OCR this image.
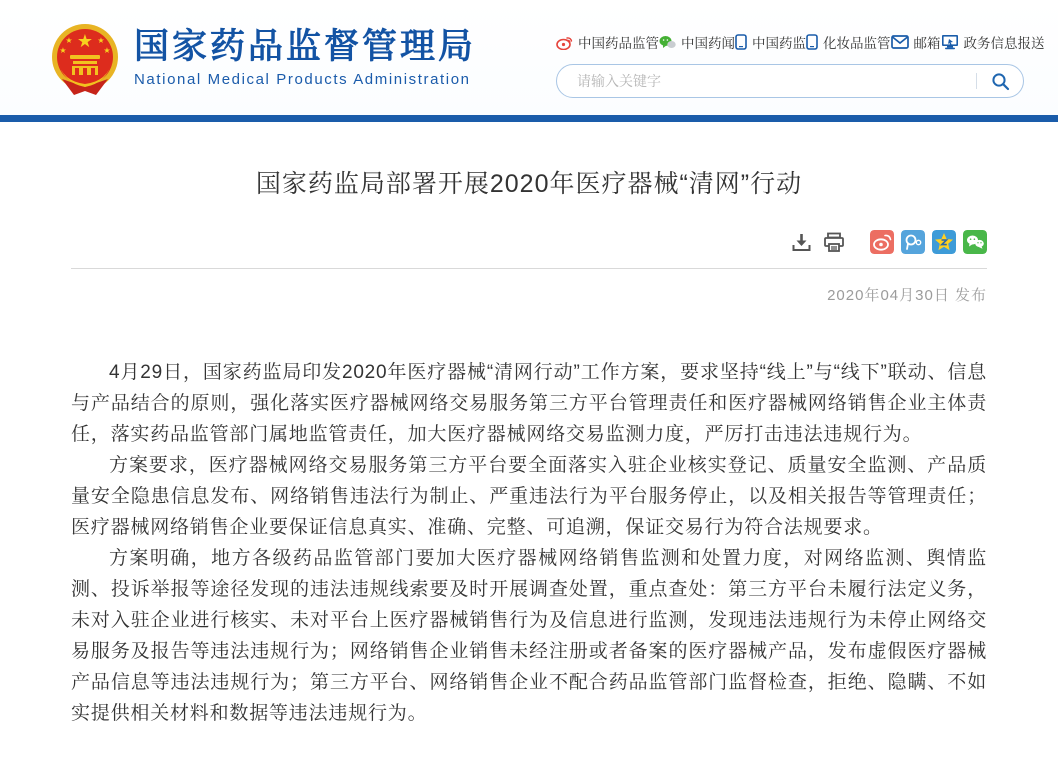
★
★	★
★	★ 国家药品监督管理局
National Medical Products Administration
中国药品监管 中国药闻 中国药监 化妆品监管 邮箱 政务信息报送
请输入关键字
国家药监局部署开展2020年医疗器械“清网”行动
2020年04月30日 发布

4月29日，国家药监局印发2020年医疗器械“清网行动”工作方案，要求坚持“线上”与“线下”联动、信息与产品结合的原则，强化落实医疗器械网络交易服务第三方平台管理责任和医疗器械网络销售企业主体责任，落实药品监管部门属地监管责任，加大医疗器械网络交易监测力度，严厉打击违法违规行为。

方案要求，医疗器械网络交易服务第三方平台要全面落实入驻企业核实登记、质量安全监测、产品质量安全隐患信息发布、网络销售违法行为制止、严重违法行为平台服务停止，以及相关报告等管理责任；医疗器械网络销售企业要保证信息真实、准确、完整、可追溯，保证交易行为符合法规要求。

方案明确，地方各级药品监管部门要加大医疗器械网络销售监测和处置力度，对网络监测、舆情监测、投诉举报等途径发现的违法违规线索要及时开展调查处置，重点查处：第三方平台未履行法定义务，未对入驻企业进行核实、未对平台上医疗器械销售行为及信息进行监测，发现违法违规行为未停止网络交易服务及报告等违法违规行为；网络销售企业销售未经注册或者备案的医疗器械产品，发布虚假医疗器械产品信息等违法违规行为；第三方平台、网络销售企业不配合药品监管部门监督检查，拒绝、隐瞒、不如实提供相关材料和数据等违法违规行为。
